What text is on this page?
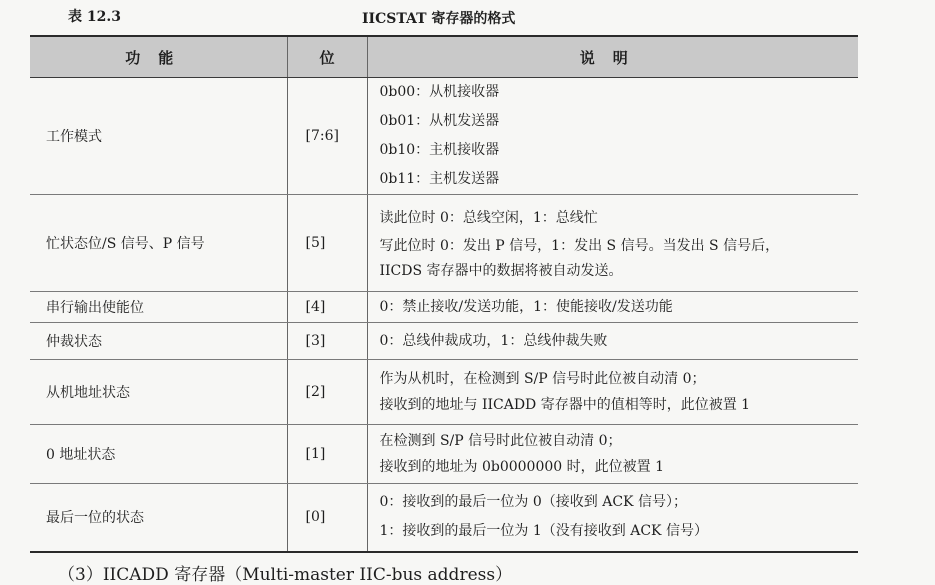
表 12.3	IICSTAT 寄存器的格式
功能	位	说明
工作模式	[7:6]	0b00：从机接收器
0b01：从机发送器
0b10：主机接收器
0b11：主机发送器

忙状态位/S 信号、P 信号	[5]	读此位时 0：总线空闲，1：总线忙
写此位时 0：发出 P 信号，1：发出 S 信号。当发出 S 信号后，
IICDS 寄存器中的数据将被自动发送。

串行输出使能位	[4]	0：禁止接收/发送功能，1：使能接收/发送功能

仲裁状态	[3]	0：总线仲裁成功，1：总线仲裁失败

从机地址状态	[2]	作为从机时，在检测到 S/P 信号时此位被自动清 0；
接收到的地址与 IICADD 寄存器中的值相等时，此位被置 1

0 地址状态	[1]	在检测到 S/P 信号时此位被自动清 0；
接收到的地址为 0b0000000 时，此位被置 1

最后一位的状态	[0]	0：接收到的最后一位为 0（接收到 ACK 信号）；
1：接收到的最后一位为 1（没有接收到 ACK 信号）
（3）IICADD 寄存器（Multi-master IIC-bus address）
